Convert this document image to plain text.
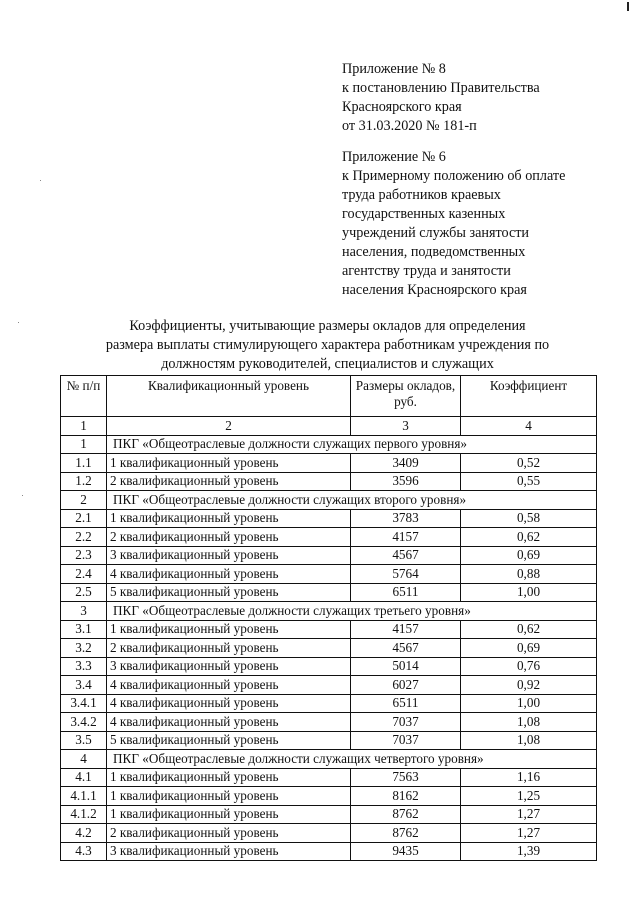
Приложение № 8
к постановлению Правительства
Красноярского края
от 31.03.2020 № 181-п
Приложение № 6
к Примерному положению об оплате
труда работников краевых
государственных казенных
учреждений службы занятости
населения, подведомственных
агентству труда и занятости
населения Красноярского края
Коэффициенты, учитывающие размеры окладов для определения
размера выплаты стимулирующего характера работникам учреждения по
должностям руководителей, специалистов и служащих
№ п/п	Квалификационный уровень	Размеры окладов, руб.	Коэффициент
1	2	3	4
1	ПКГ «Общеотраслевые должности служащих первого уровня»		
1.1	1 квалификационный уровень	3409	0,52
1.2	2 квалификационный уровень	3596	0,55
2	ПКГ «Общеотраслевые должности служащих второго уровня»		
2.1	1 квалификационный уровень	3783	0,58
2.2	2 квалификационный уровень	4157	0,62
2.3	3 квалификационный уровень	4567	0,69
2.4	4 квалификационный уровень	5764	0,88
2.5	5 квалификационный уровень	6511	1,00
3	ПКГ «Общеотраслевые должности служащих третьего уровня»		
3.1	1 квалификационный уровень	4157	0,62
3.2	2 квалификационный уровень	4567	0,69
3.3	3 квалификационный уровень	5014	0,76
3.4	4 квалификационный уровень	6027	0,92
3.4.1	4 квалификационный уровень	6511	1,00
3.4.2	4 квалификационный уровень	7037	1,08
3.5	5 квалификационный уровень	7037	1,08
4	ПКГ «Общеотраслевые должности служащих четвертого уровня»		
4.1	1 квалификационный уровень	7563	1,16
4.1.1	1 квалификационный уровень	8162	1,25
4.1.2	1 квалификационный уровень	8762	1,27
4.2	2 квалификационный уровень	8762	1,27
4.3	3 квалификационный уровень	9435	1,39
